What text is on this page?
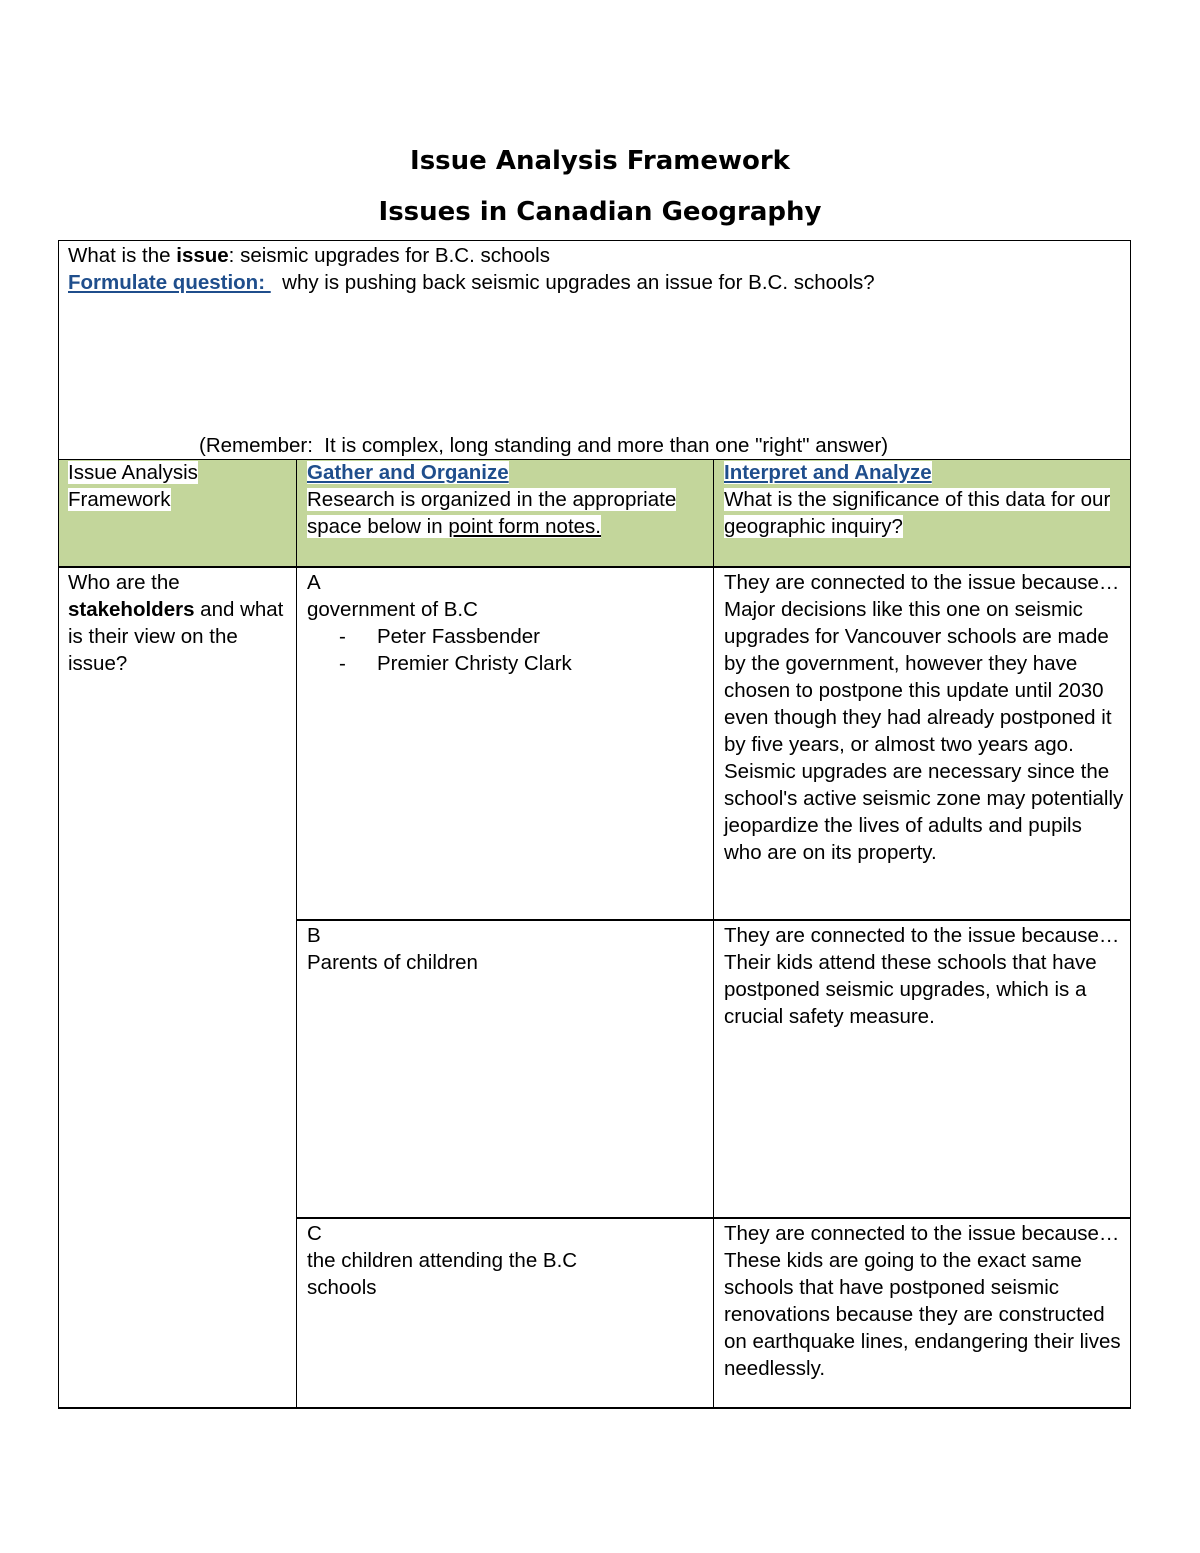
Issue Analysis Framework
Issues in Canadian Geography
What is the issue: seismic upgrades for B.C. schools
Formulate question:   why is pushing back seismic upgrades an issue for B.C. schools?
(Remember:  It is complex, long standing and more than one "right" answer)
Issue Analysis Framework
Gather and Organize
Research is organized in the appropriate space below in point form notes.
Interpret and Analyze
What is the significance of this data for our geographic inquiry?
Who are the stakeholders and what is their view on the issue?
A
government of B.C
- Peter Fassbender
- Premier Christy Clark
They are connected to the issue because… Major decisions like this one on seismic upgrades for Vancouver schools are made by the government, however they have chosen to postpone this update until 2030 even though they had already postponed it by five years, or almost two years ago. Seismic upgrades are necessary since the school's active seismic zone may potentially jeopardize the lives of adults and pupils who are on its property.
B
Parents of children
They are connected to the issue because…Their kids attend these schools that have postponed seismic upgrades, which is a crucial safety measure.
C
the children attending the B.C schools
They are connected to the issue because… These kids are going to the exact same schools that have postponed seismic renovations because they are constructed on earthquake lines, endangering their lives needlessly.
